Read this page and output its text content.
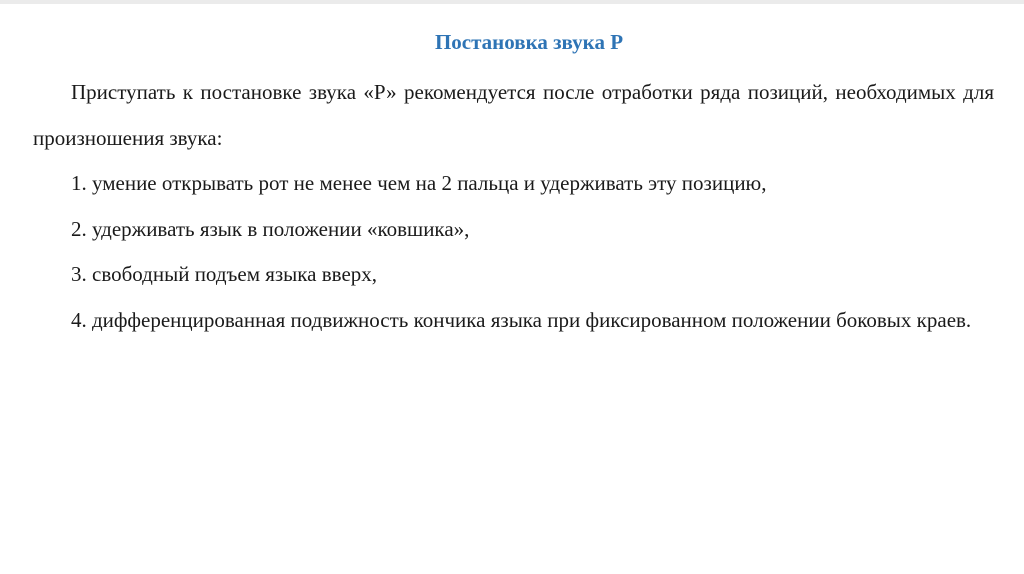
Постановка звука Р

Приступать к постановке звука «Р» рекомендуется после отработки ряда позиций, необходимых для произношения звука:

1. умение открывать рот не менее чем на 2 пальца и удерживать эту позицию,

2. удерживать язык в положении «ковшика»,

3. свободный подъем языка вверх,

4. дифференцированная подвижность кончика языка при фиксированном положении боковых краев.
